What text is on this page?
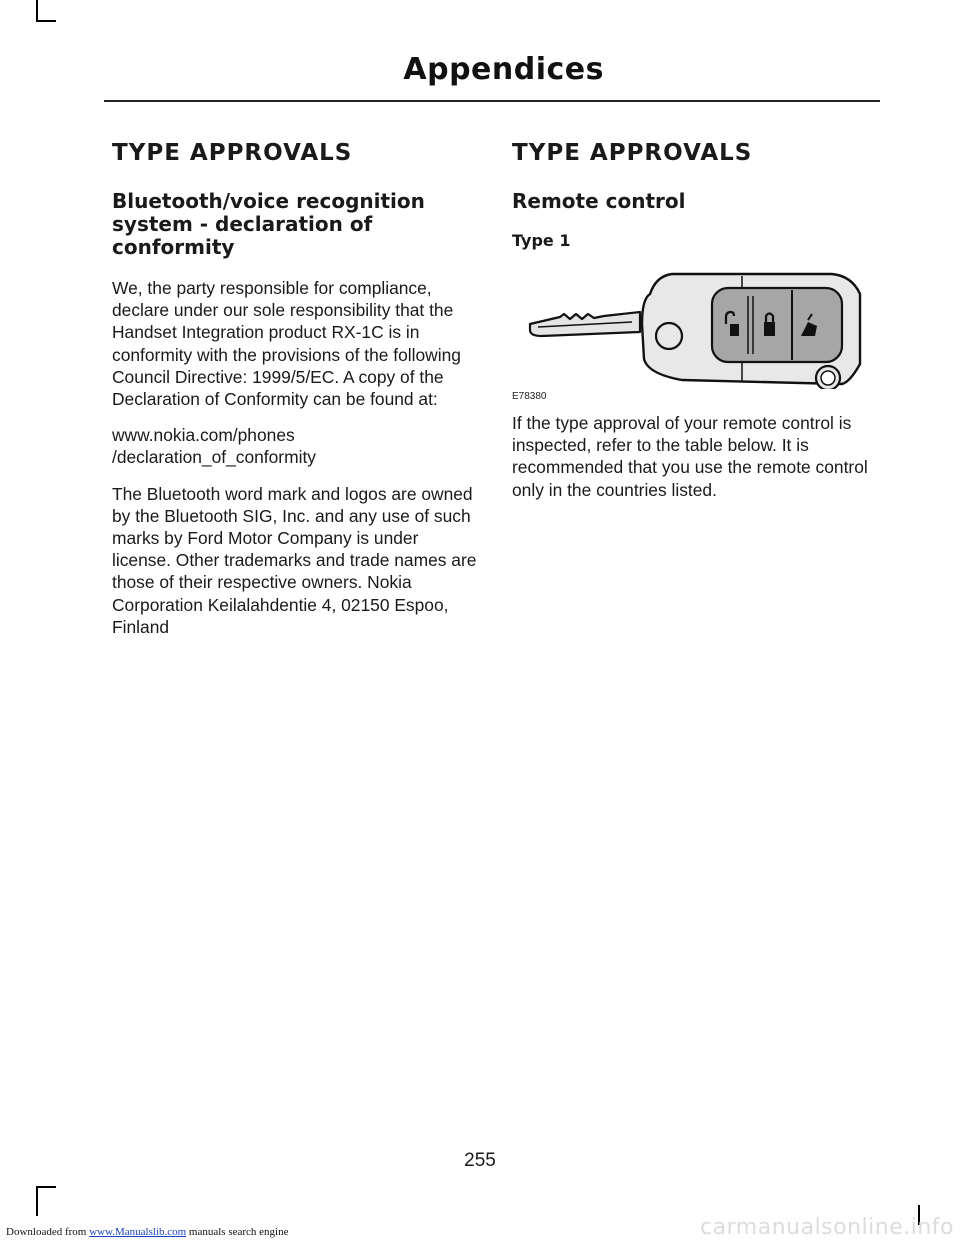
Appendices
TYPE APPROVALS
Bluetooth/voice recognition system - declaration of conformity

We, the party responsible for compliance, declare under our sole responsibility that the Handset Integration product RX-1C is in conformity with the provisions of the following Council Directive: 1999/5/EC. A copy of the Declaration of Conformity can be found at:

www.nokia.com/phones /declaration_of_conformity

The Bluetooth word mark and logos are owned by the Bluetooth SIG, Inc. and any use of such marks by Ford Motor Company is under license. Other trademarks and trade names are those of their respective owners. Nokia Corporation Keilalahdentie 4, 02150 Espoo, Finland

TYPE APPROVALS
Remote control
Type 1
E78380

If the type approval of your remote control is inspected, refer to the table below. It is recommended that you use the remote control only in the countries listed.

255
Downloaded from www.Manualslib.com manuals search engine	carmanualsonline.info
